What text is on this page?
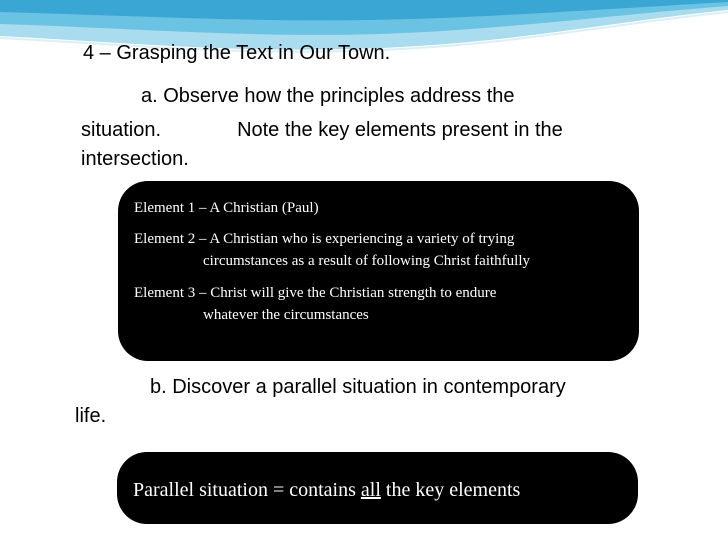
4 – Grasping the Text in Our Town.

a. Observe how the principles address the

situation.	Note the key elements present in the

intersection.

Element 1 – A Christian (Paul)

Element 2 – A Christian who is experiencing a variety of trying

circumstances as a result of following Christ faithfully

Element 3 – Christ will give the Christian strength to endure

whatever the circumstances

b. Discover a parallel situation in contemporary

life.

Parallel situation = contains all the key elements
